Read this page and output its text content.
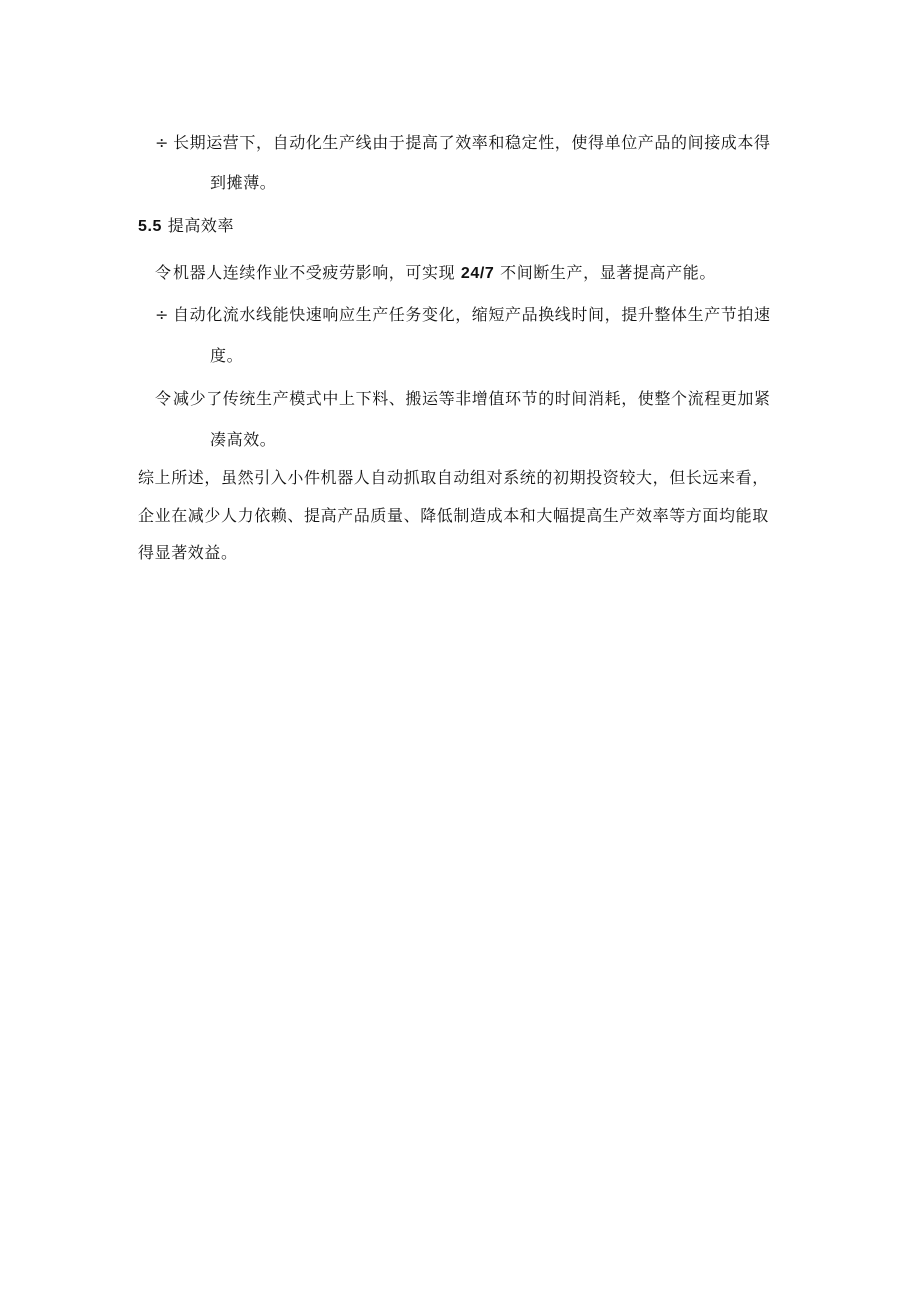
÷ 长期运营下，自动化生产线由于提高了效率和稳定性，使得单位产品的间接成本得
到摊薄。
5.5 提高效率
令机器人连续作业不受疲劳影响，可实现 24/7 不间断生产，显著提高产能。
÷ 自动化流水线能快速响应生产任务变化，缩短产品换线时间，提升整体生产节拍速
度。
令减少了传统生产模式中上下料、搬运等非增值环节的时间消耗，使整个流程更加紧
凑高效。
综上所述，虽然引入小件机器人自动抓取自动组对系统的初期投资较大，但长远来看，
企业在减少人力依赖、提高产品质量、降低制造成本和大幅提高生产效率等方面均能取
得显著效益。
